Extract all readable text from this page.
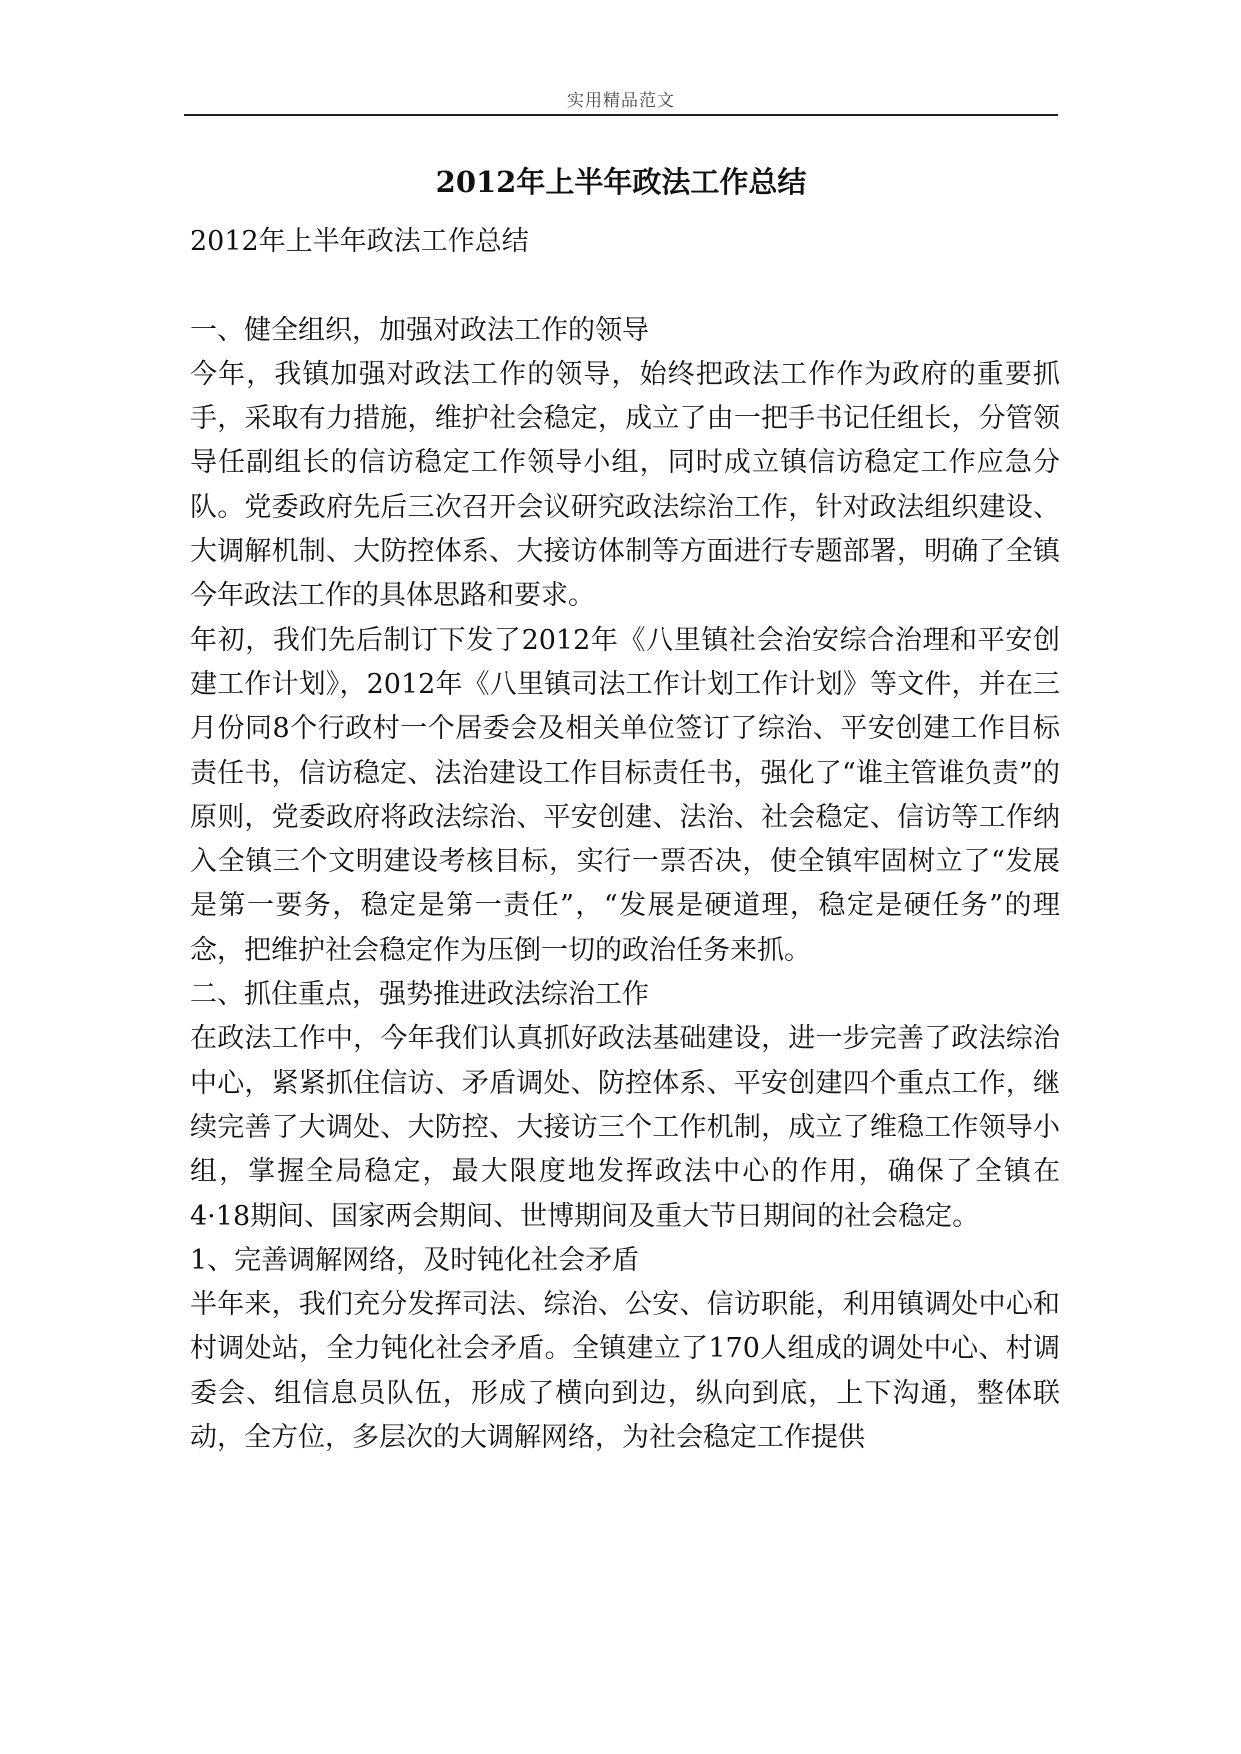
实用精品范文
2012年上半年政法工作总结

2012年上半年政法工作总结

一、健全组织，加强对政法工作的领导

今年，我镇加强对政法工作的领导，始终把政法工作作为政府的重要抓手，采取有力措施，维护社会稳定，成立了由一把手书记任组长，分管领导任副组长的信访稳定工作领导小组，同时成立镇信访稳定工作应急分队。党委政府先后三次召开会议研究政法综治工作，针对政法组织建设、大调解机制、大防控体系、大接访体制等方面进行专题部署，明确了全镇今年政法工作的具体思路和要求。

年初，我们先后制订下发了2012年《八里镇社会治安综合治理和平安创建工作计划》，2012年《八里镇司法工作计划工作计划》等文件，并在三月份同8个行政村一个居委会及相关单位签订了综治、平安创建工作目标责任书，信访稳定、法治建设工作目标责任书，强化了“谁主管谁负责”的原则，党委政府将政法综治、平安创建、法治、社会稳定、信访等工作纳入全镇三个文明建设考核目标，实行一票否决，使全镇牢固树立了“发展是第一要务，稳定是第一责任”，“发展是硬道理，稳定是硬任务”的理念，把维护社会稳定作为压倒一切的政治任务来抓。

二、抓住重点，强势推进政法综治工作

在政法工作中，今年我们认真抓好政法基础建设，进一步完善了政法综治中心，紧紧抓住信访、矛盾调处、防控体系、平安创建四个重点工作，继续完善了大调处、大防控、大接访三个工作机制，成立了维稳工作领导小组，掌握全局稳定，最大限度地发挥政法中心的作用，确保了全镇在4·18期间、国家两会期间、世博期间及重大节日期间的社会稳定。

1、完善调解网络，及时钝化社会矛盾

半年来，我们充分发挥司法、综治、公安、信访职能，利用镇调处中心和村调处站，全力钝化社会矛盾。全镇建立了170人组成的调处中心、村调委会、组信息员队伍，形成了横向到边，纵向到底，上下沟通，整体联动，全方位，多层次的大调解网络，为社会稳定工作提供
